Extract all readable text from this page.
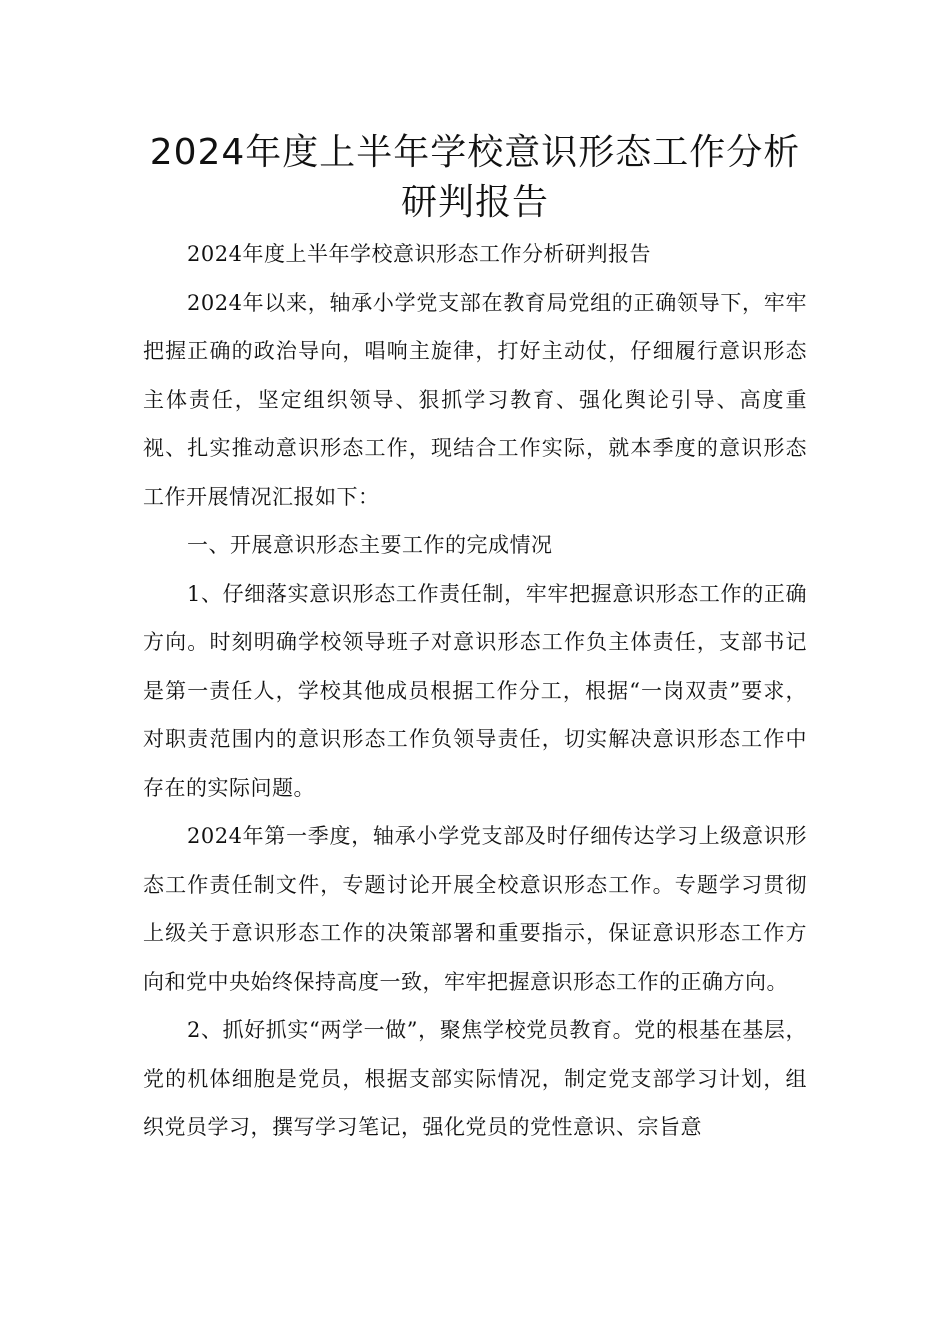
2024年度上半年学校意识形态工作分析
研判报告

2024年度上半年学校意识形态工作分析研判报告

2024年以来，轴承小学党支部在教育局党组的正确领导下，牢牢把握正确的政治导向，唱响主旋律，打好主动仗，仔细履行意识形态主体责任，坚定组织领导、狠抓学习教育、强化舆论引导、高度重视、扎实推动意识形态工作，现结合工作实际，就本季度的意识形态工作开展情况汇报如下：

一、开展意识形态主要工作的完成情况

1、仔细落实意识形态工作责任制，牢牢把握意识形态工作的正确方向。时刻明确学校领导班子对意识形态工作负主体责任，支部书记是第一责任人，学校其他成员根据工作分工，根据“一岗双责”要求，对职责范围内的意识形态工作负领导责任，切实解决意识形态工作中存在的实际问题。

2024年第一季度，轴承小学党支部及时仔细传达学习上级意识形态工作责任制文件，专题讨论开展全校意识形态工作。专题学习贯彻上级关于意识形态工作的决策部署和重要指示，保证意识形态工作方向和党中央始终保持高度一致，牢牢把握意识形态工作的正确方向。

2、抓好抓实“两学一做”，聚焦学校党员教育。党的根基在基层，党的机体细胞是党员，根据支部实际情况，制定党支部学习计划，组织党员学习，撰写学习笔记，强化党员的党性意识、宗旨意
